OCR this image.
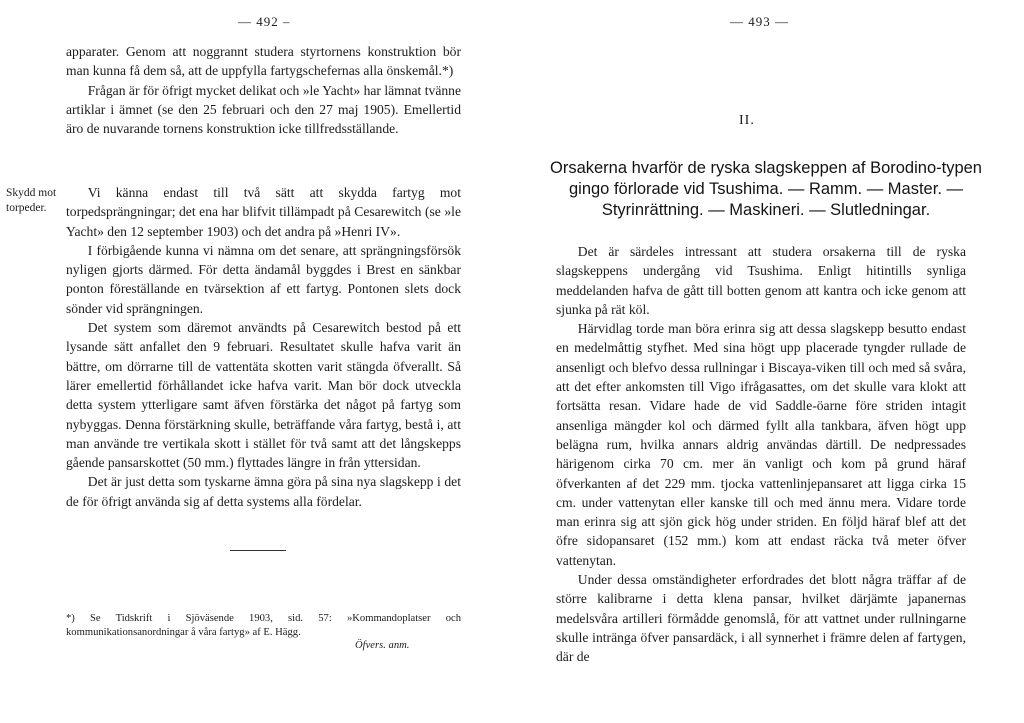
— 492 –

apparater. Genom att noggrannt studera styrtornens konstruktion bör man kunna få dem så, att de uppfylla fartygschefernas alla önskemål.*)

Frågan är för öfrigt mycket delikat och »le Yacht» har lämnat tvänne artiklar i ämnet (se den 25 februari och den 27 maj 1905). Emellertid äro de nuvarande tornens konstruktion icke tillfredsställande.

Skydd mot torpeder.

Vi känna endast till två sätt att skydda fartyg mot torpedsprängningar; det ena har blifvit tillämpadt på Cesarewitch (se »le Yacht» den 12 september 1903) och det andra på »Henri IV».

I förbigående kunna vi nämna om det senare, att sprängningsförsök nyligen gjorts därmed. För detta ändamål byggdes i Brest en sänkbar ponton föreställande en tvärsektion af ett fartyg. Pontonen slets dock sönder vid sprängningen.

Det system som däremot användts på Cesarewitch bestod på ett lysande sätt anfallet den 9 februari. Resultatet skulle hafva varit än bättre, om dörrarne till de vattentäta skotten varit stängda öfverallt. Så lärer emellertid förhållandet icke hafva varit. Man bör dock utveckla detta system ytterligare samt äfven förstärka det något på fartyg som nybyggas. Denna förstärkning skulle, beträffande våra fartyg, bestå i, att man använde tre vertikala skott i stället för två samt att det långskepps gående pansarskottet (50 mm.) flyttades längre in från yttersidan.

Det är just detta som tyskarne ämna göra på sina nya slagskepp i det de för öfrigt använda sig af detta systems alla fördelar.

*) Se Tidskrift i Sjöväsende 1903, sid. 57: »Kommandoplatser och kommunikationsanordningar å våra fartyg» af E. Hägg.
Öfvers. anm.
— 493 —
II.
Orsakerna hvarför de ryska slagskeppen af Borodino-typen gingo förlorade vid Tsushima. — Ramm. — Master. — Styrinrättning. — Maskineri. — Slutledningar.

Det är särdeles intressant att studera orsakerna till de ryska slagskeppens undergång vid Tsushima. Enligt hitintills synliga meddelanden hafva de gått till botten genom att kantra och icke genom att sjunka på rät köl.

Härvidlag torde man böra erinra sig att dessa slagskepp besutto endast en medelmåttig styfhet. Med sina högt upp placerade tyngder rullade de ansenligt och blefvo dessa rullningar i Biscaya-viken till och med så svåra, att det efter ankomsten till Vigo ifrågasattes, om det skulle vara klokt att fortsätta resan. Vidare hade de vid Saddle-öarne före striden intagit ansenliga mängder kol och därmed fyllt alla tankbara, äfven högt upp belägna rum, hvilka annars aldrig användas därtill. De nedpressades härigenom cirka 70 cm. mer än vanligt och kom på grund häraf öfverkanten af det 229 mm. tjocka vattenlinjepansaret att ligga cirka 15 cm. under vattenytan eller kanske till och med ännu mera. Vidare torde man erinra sig att sjön gick hög under striden. En följd häraf blef att det öfre sidopansaret (152 mm.) kom att endast räcka två meter öfver vattenytan.

Under dessa omständigheter erfordrades det blott några träffar af de större kalibrarne i detta klena pansar, hvilket därjämte japanernas medelsvåra artilleri förmådde genomslå, för att vattnet under rullningarne skulle intränga öfver pansardäck, i all synnerhet i främre delen af fartygen, där de
